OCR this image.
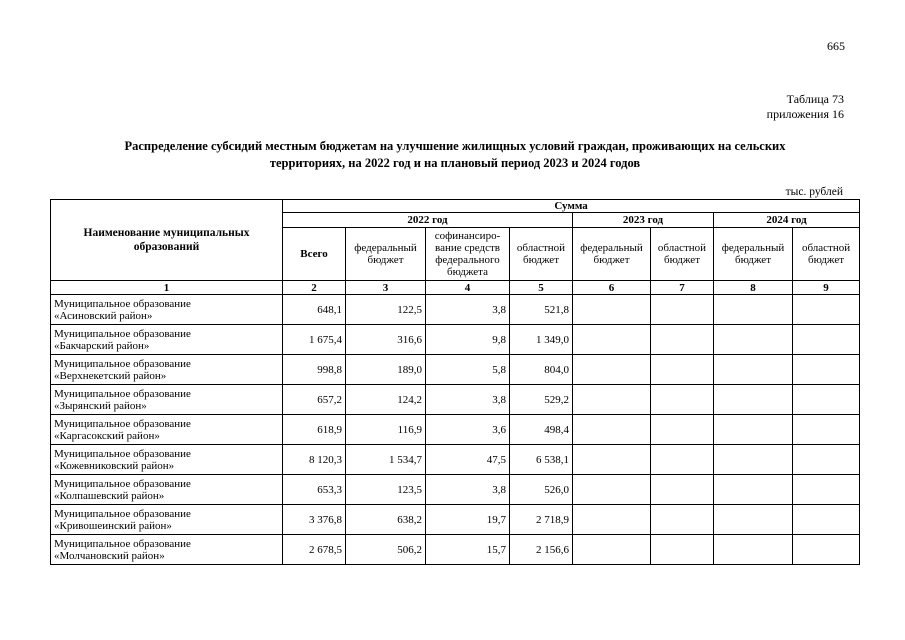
665
Таблица 73
приложения 16
Распределение субсидий местным бюджетам на улучшение жилищных условий граждан, проживающих на сельских
территориях, на 2022 год и на плановый период 2023 и 2024 годов
тыс. рублей
Наименование муниципальных образований	Сумма							
	2022 год				2023 год		2024 год	
	Всего	федеральный бюджет	софинансиро-вание средств федерального бюджета	областной бюджет	федеральный бюджет	областной бюджет	федеральный бюджет	областной бюджет
1	2	3	4	5	6	7	8	9

Муниципальное образование
«Асиновский район»	648,1	122,5	3,8	521,8				

Муниципальное образование
«Бакчарский район»	1 675,4	316,6	9,8	1 349,0				

Муниципальное образование
«Верхнекетский район»	998,8	189,0	5,8	804,0				

Муниципальное образование
«Зырянский район»	657,2	124,2	3,8	529,2				

Муниципальное образование
«Каргасокский район»	618,9	116,9	3,6	498,4				

Муниципальное образование
«Кожевниковский район»	8 120,3	1 534,7	47,5	6 538,1				

Муниципальное образование
«Колпашевский район»	653,3	123,5	3,8	526,0				

Муниципальное образование
«Кривошеинский район»	3 376,8	638,2	19,7	2 718,9				

Муниципальное образование
«Молчановский район»	2 678,5	506,2	15,7	2 156,6				
